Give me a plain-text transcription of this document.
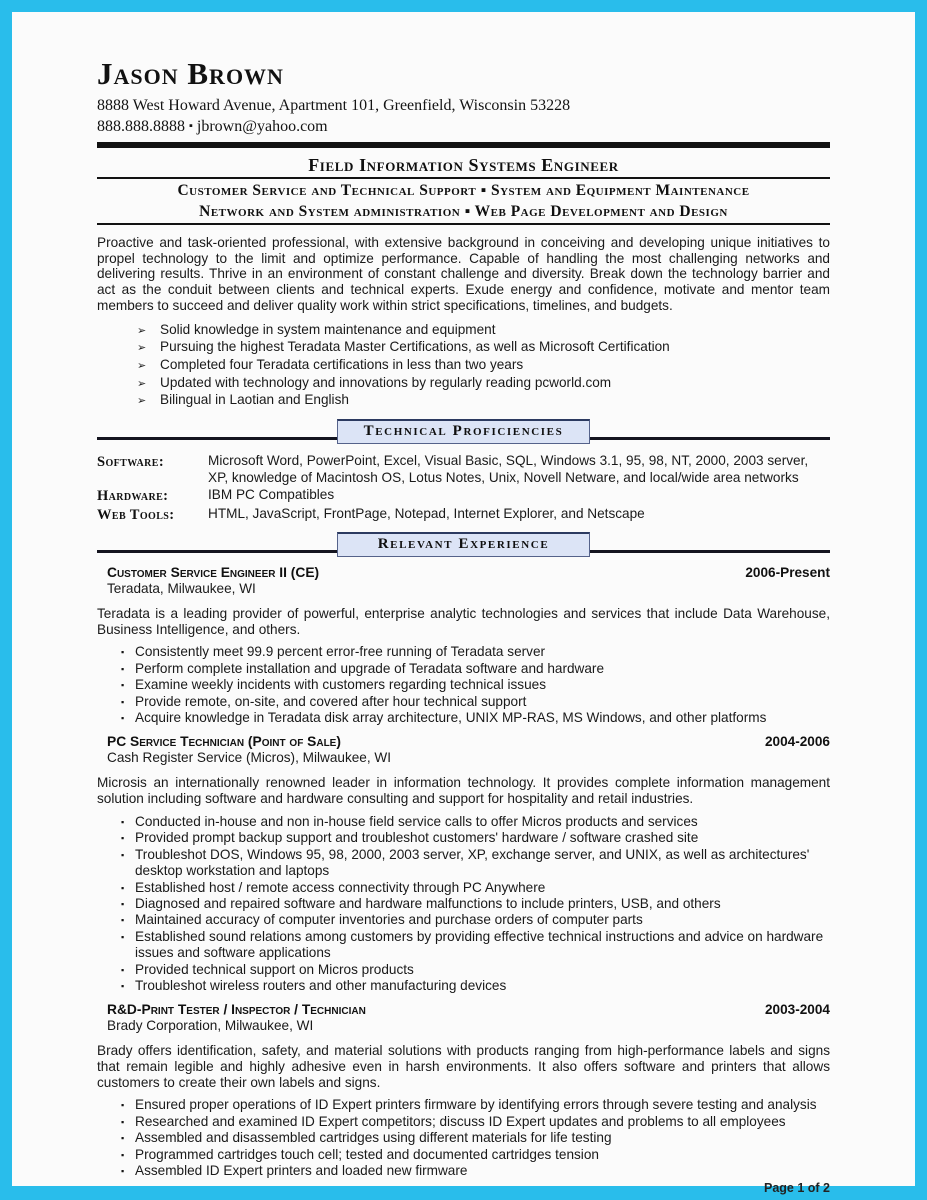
Jason Brown
8888 West Howard Avenue, Apartment 101, Greenfield, Wisconsin 53228
888.888.8888 ▪ jbrown@yahoo.com
Field Information Systems Engineer
Customer Service and Technical Support ▪ System and Equipment Maintenance
Network and System administration ▪ Web Page Development and Design

Proactive and task-oriented professional, with extensive background in conceiving and developing unique initiatives to propel technology to the limit and optimize performance. Capable of handling the most challenging networks and delivering results. Thrive in an environment of constant challenge and diversity. Break down the technology barrier and act as the conduit between clients and technical experts. Exude energy and confidence, motivate and mentor team members to succeed and deliver quality work within strict specifications, timelines, and budgets.

➢ Solid knowledge in system maintenance and equipment
➢ Pursuing the highest Teradata Master Certifications, as well as Microsoft Certification
➢ Completed four Teradata certifications in less than two years
➢ Updated with technology and innovations by regularly reading pcworld.com
➢ Bilingual in Laotian and English
Technical Proficiencies
Software:	Microsoft Word, PowerPoint, Excel, Visual Basic, SQL, Windows 3.1, 95, 98, NT, 2000, 2003 server, XP, knowledge of Macintosh OS, Lotus Notes, Unix, Novell Netware, and local/wide area networks
Hardware:	IBM PC Compatibles
Web Tools:	HTML, JavaScript, FrontPage, Notepad, Internet Explorer, and Netscape
Relevant Experience
Customer Service Engineer II (CE)	2006-Present
Teradata, Milwaukee, WI

Teradata is a leading provider of powerful, enterprise analytic technologies and services that include Data Warehouse, Business Intelligence, and others.

▪ Consistently meet 99.9 percent error-free running of Teradata server
▪ Perform complete installation and upgrade of Teradata software and hardware
▪ Examine weekly incidents with customers regarding technical issues
▪ Provide remote, on-site, and covered after hour technical support
▪ Acquire knowledge in Teradata disk array architecture, UNIX MP-RAS, MS Windows, and other platforms
PC Service Technician (Point of Sale)	2004-2006
Cash Register Service (Micros), Milwaukee, WI

Microsis an internationally renowned leader in information technology. It provides complete information management solution including software and hardware consulting and support for hospitality and retail industries.

▪ Conducted in-house and non in-house field service calls to offer Micros products and services
▪ Provided prompt backup support and troubleshot customers' hardware / software crashed site
▪ Troubleshot DOS, Windows 95, 98, 2000, 2003 server, XP, exchange server, and UNIX, as well as architectures' desktop workstation and laptops
▪ Established host / remote access connectivity through PC Anywhere
▪ Diagnosed and repaired software and hardware malfunctions to include printers, USB, and others
▪ Maintained accuracy of computer inventories and purchase orders of computer parts
▪ Established sound relations among customers by providing effective technical instructions and advice on hardware issues and software applications
▪ Provided technical support on Micros products
▪ Troubleshot wireless routers and other manufacturing devices
R&D-Print Tester / Inspector / Technician	2003-2004
Brady Corporation, Milwaukee, WI

Brady offers identification, safety, and material solutions with products ranging from high-performance labels and signs that remain legible and highly adhesive even in harsh environments. It also offers software and printers that allows customers to create their own labels and signs.

▪ Ensured proper operations of ID Expert printers firmware by identifying errors through severe testing and analysis
▪ Researched and examined ID Expert competitors; discuss ID Expert updates and problems to all employees
▪ Assembled and disassembled cartridges using different materials for life testing
▪ Programmed cartridges touch cell; tested and documented cartridges tension
▪ Assembled ID Expert printers and loaded new firmware
Page 1 of 2
